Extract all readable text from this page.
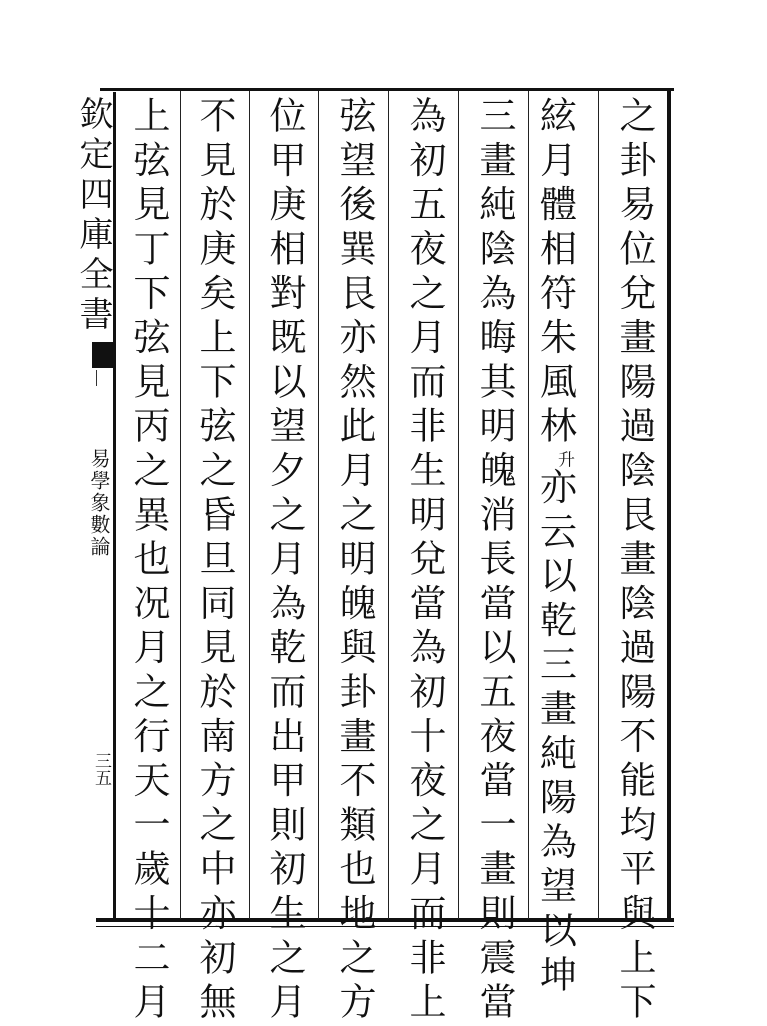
之卦易位兌畫陽過陰艮畫陰過陽不能均平與上下
絃月體相符朱風林升亦云以乾三畫純陽為望以坤
三畫純陰為晦其明魄消長當以五夜當一畫則震當
為初五夜之月而非生明兌當為初十夜之月而非上
弦望後巽艮亦然此月之明魄與卦畫不類也地之方
位甲庚相對既以望夕之月為乾而出甲則初生之月
不見於庚矣上下弦之昏旦同見於南方之中亦初無
上弦見丁下弦見丙之異也况月之行天一歲十二月
欽定四庫全書
易學象數論
三五
